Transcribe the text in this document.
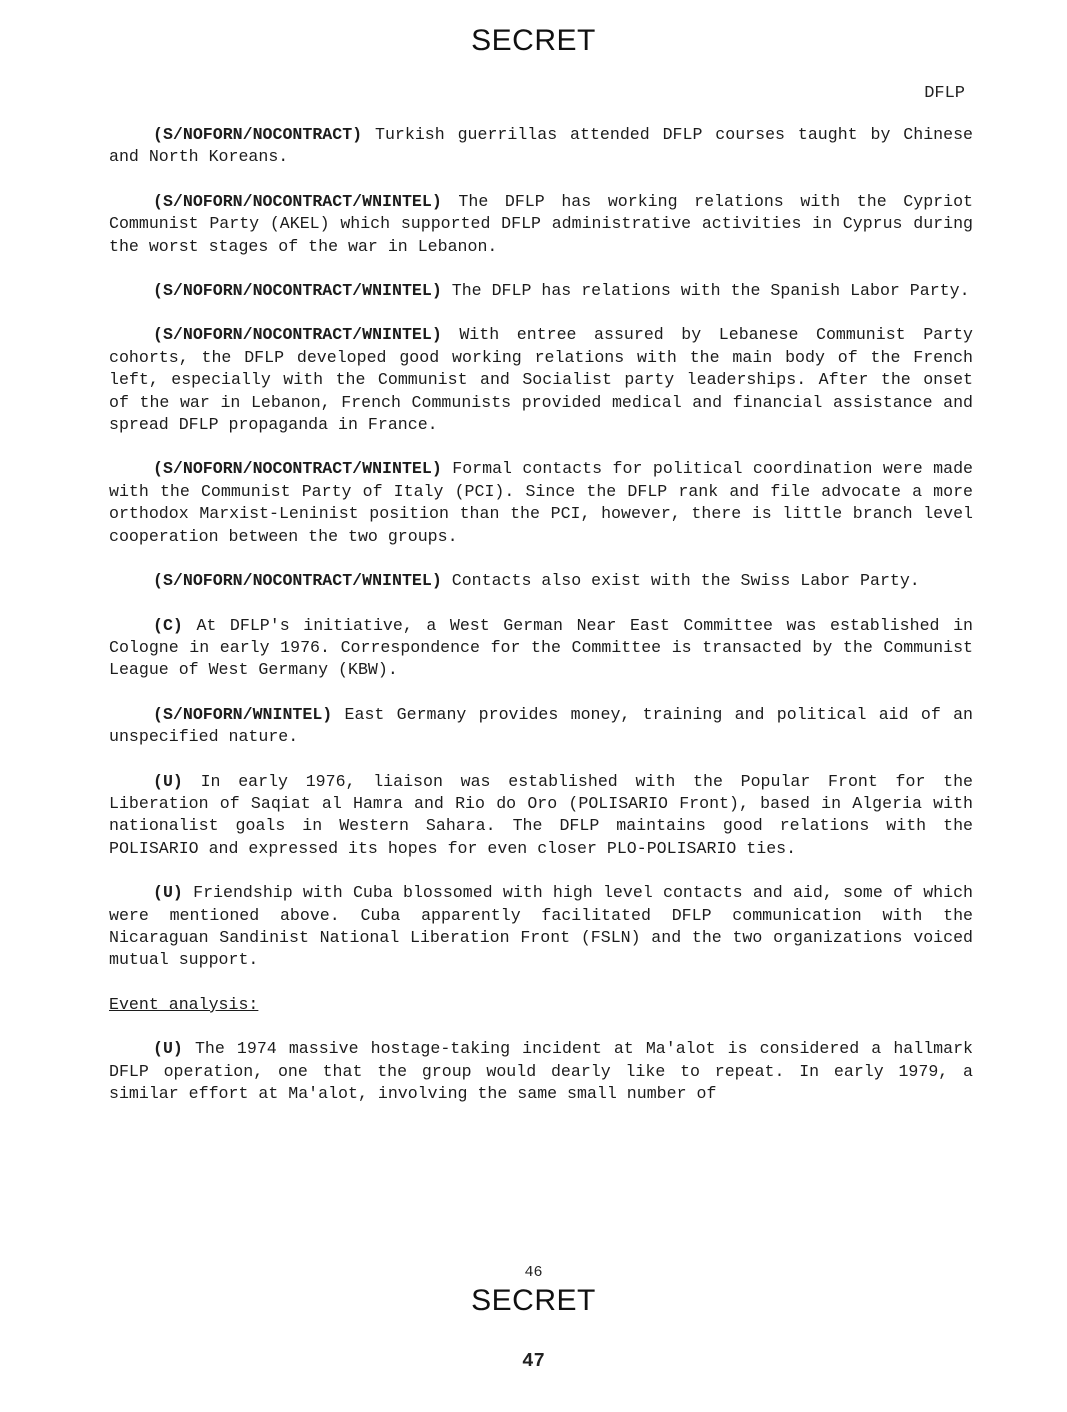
SECRET
DFLP

(S/NOFORN/NOCONTRACT) Turkish guerrillas attended DFLP courses taught by Chinese and North Koreans.

(S/NOFORN/NOCONTRACT/WNINTEL) The DFLP has working relations with the Cypriot Communist Party (AKEL) which supported DFLP administrative activities in Cyprus during the worst stages of the war in Lebanon.

(S/NOFORN/NOCONTRACT/WNINTEL) The DFLP has relations with the Spanish Labor Party.

(S/NOFORN/NOCONTRACT/WNINTEL) With entree assured by Lebanese Communist Party cohorts, the DFLP developed good working relations with the main body of the French left, especially with the Communist and Socialist party leaderships. After the onset of the war in Lebanon, French Communists provided medical and financial assistance and spread DFLP propaganda in France.

(S/NOFORN/NOCONTRACT/WNINTEL) Formal contacts for political coordination were made with the Communist Party of Italy (PCI). Since the DFLP rank and file advocate a more orthodox Marxist-Leninist position than the PCI, however, there is little branch level cooperation between the two groups.

(S/NOFORN/NOCONTRACT/WNINTEL) Contacts also exist with the Swiss Labor Party.

(C) At DFLP's initiative, a West German Near East Committee was established in Cologne in early 1976. Correspondence for the Committee is transacted by the Communist League of West Germany (KBW).

(S/NOFORN/WNINTEL) East Germany provides money, training and political aid of an unspecified nature.

(U) In early 1976, liaison was established with the Popular Front for the Liberation of Saqiat al Hamra and Rio do Oro (POLISARIO Front), based in Algeria with nationalist goals in Western Sahara. The DFLP maintains good relations with the POLISARIO and expressed its hopes for even closer PLO-POLISARIO ties.

(U) Friendship with Cuba blossomed with high level contacts and aid, some of which were mentioned above. Cuba apparently facilitated DFLP communication with the Nicaraguan Sandinist National Liberation Front (FSLN) and the two organizations voiced mutual support.

Event analysis:

(U) The 1974 massive hostage-taking incident at Ma'alot is considered a hallmark DFLP operation, one that the group would dearly like to repeat. In early 1979, a similar effort at Ma'alot, involving the same small number of

46
SECRET
47
